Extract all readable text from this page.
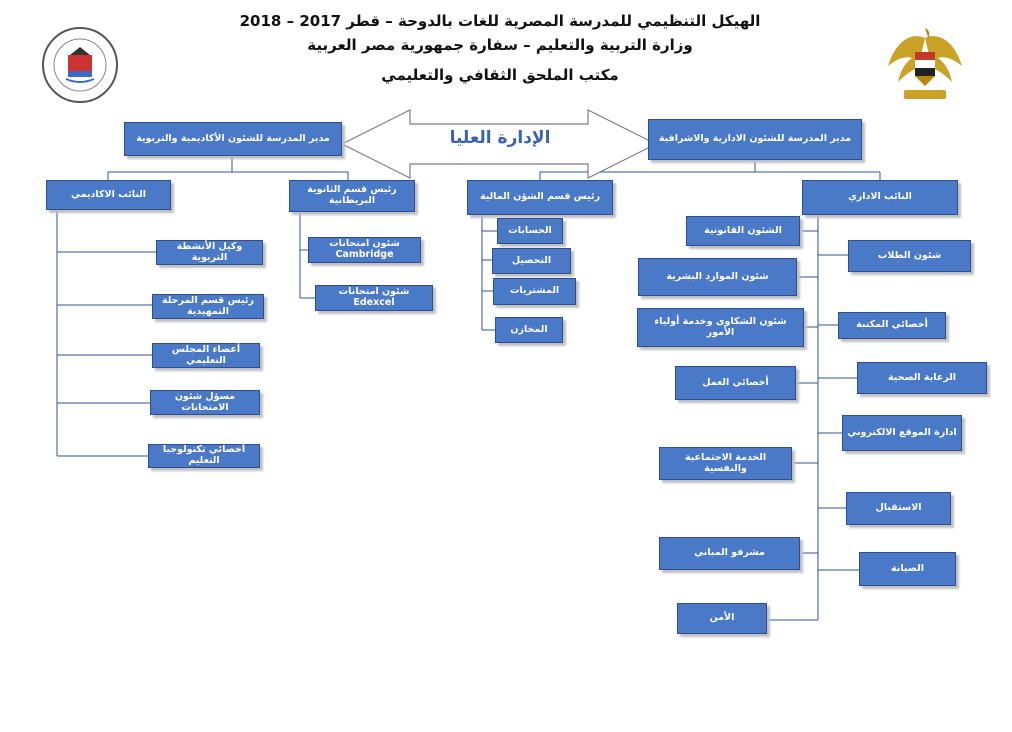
الهيكل التنظيمي للمدرسة المصرية للغات بالدوحة – قطر 2017 – 2018
وزارة التربية والتعليم – سفارة جمهورية مصر العربية
مكتب الملحق الثقافي والتعليمي
الإدارة العليا
مدير المدرسة للشئون الأكاديمية والتربوية	مدير المدرسة للشئون الادارية والاشرافية
النائب الاكاديمي
وكيل الأنشطة التربوية
رئيس قسم المرحلة التمهيدية
أعضاء المجلس التعليمي
مسؤل شئون الامتحانات
أخصائي تكنولوجيا التعليم
رئيس قسم الثانوية البريطانية
شئون امتحانات Cambridge
شئون امتحانات Edexcel
رئيس قسم الشؤن المالية
الحسابات
التحصيل
المشتريات
المخازن
النائب الاداري
الشئون القانونية
شئون الموارد البشرية
شئون الشكاوى وخدمة أولياء الأمور
أخصائي العمل
الخدمة الاجتماعية والنفسية
مشرفو المباني
الأمن
شئون الطلاب
أخصائي المكتبة
الرعاية الصحية
ادارة الموقع الالكتروني
الاستقبال
الصيانة
